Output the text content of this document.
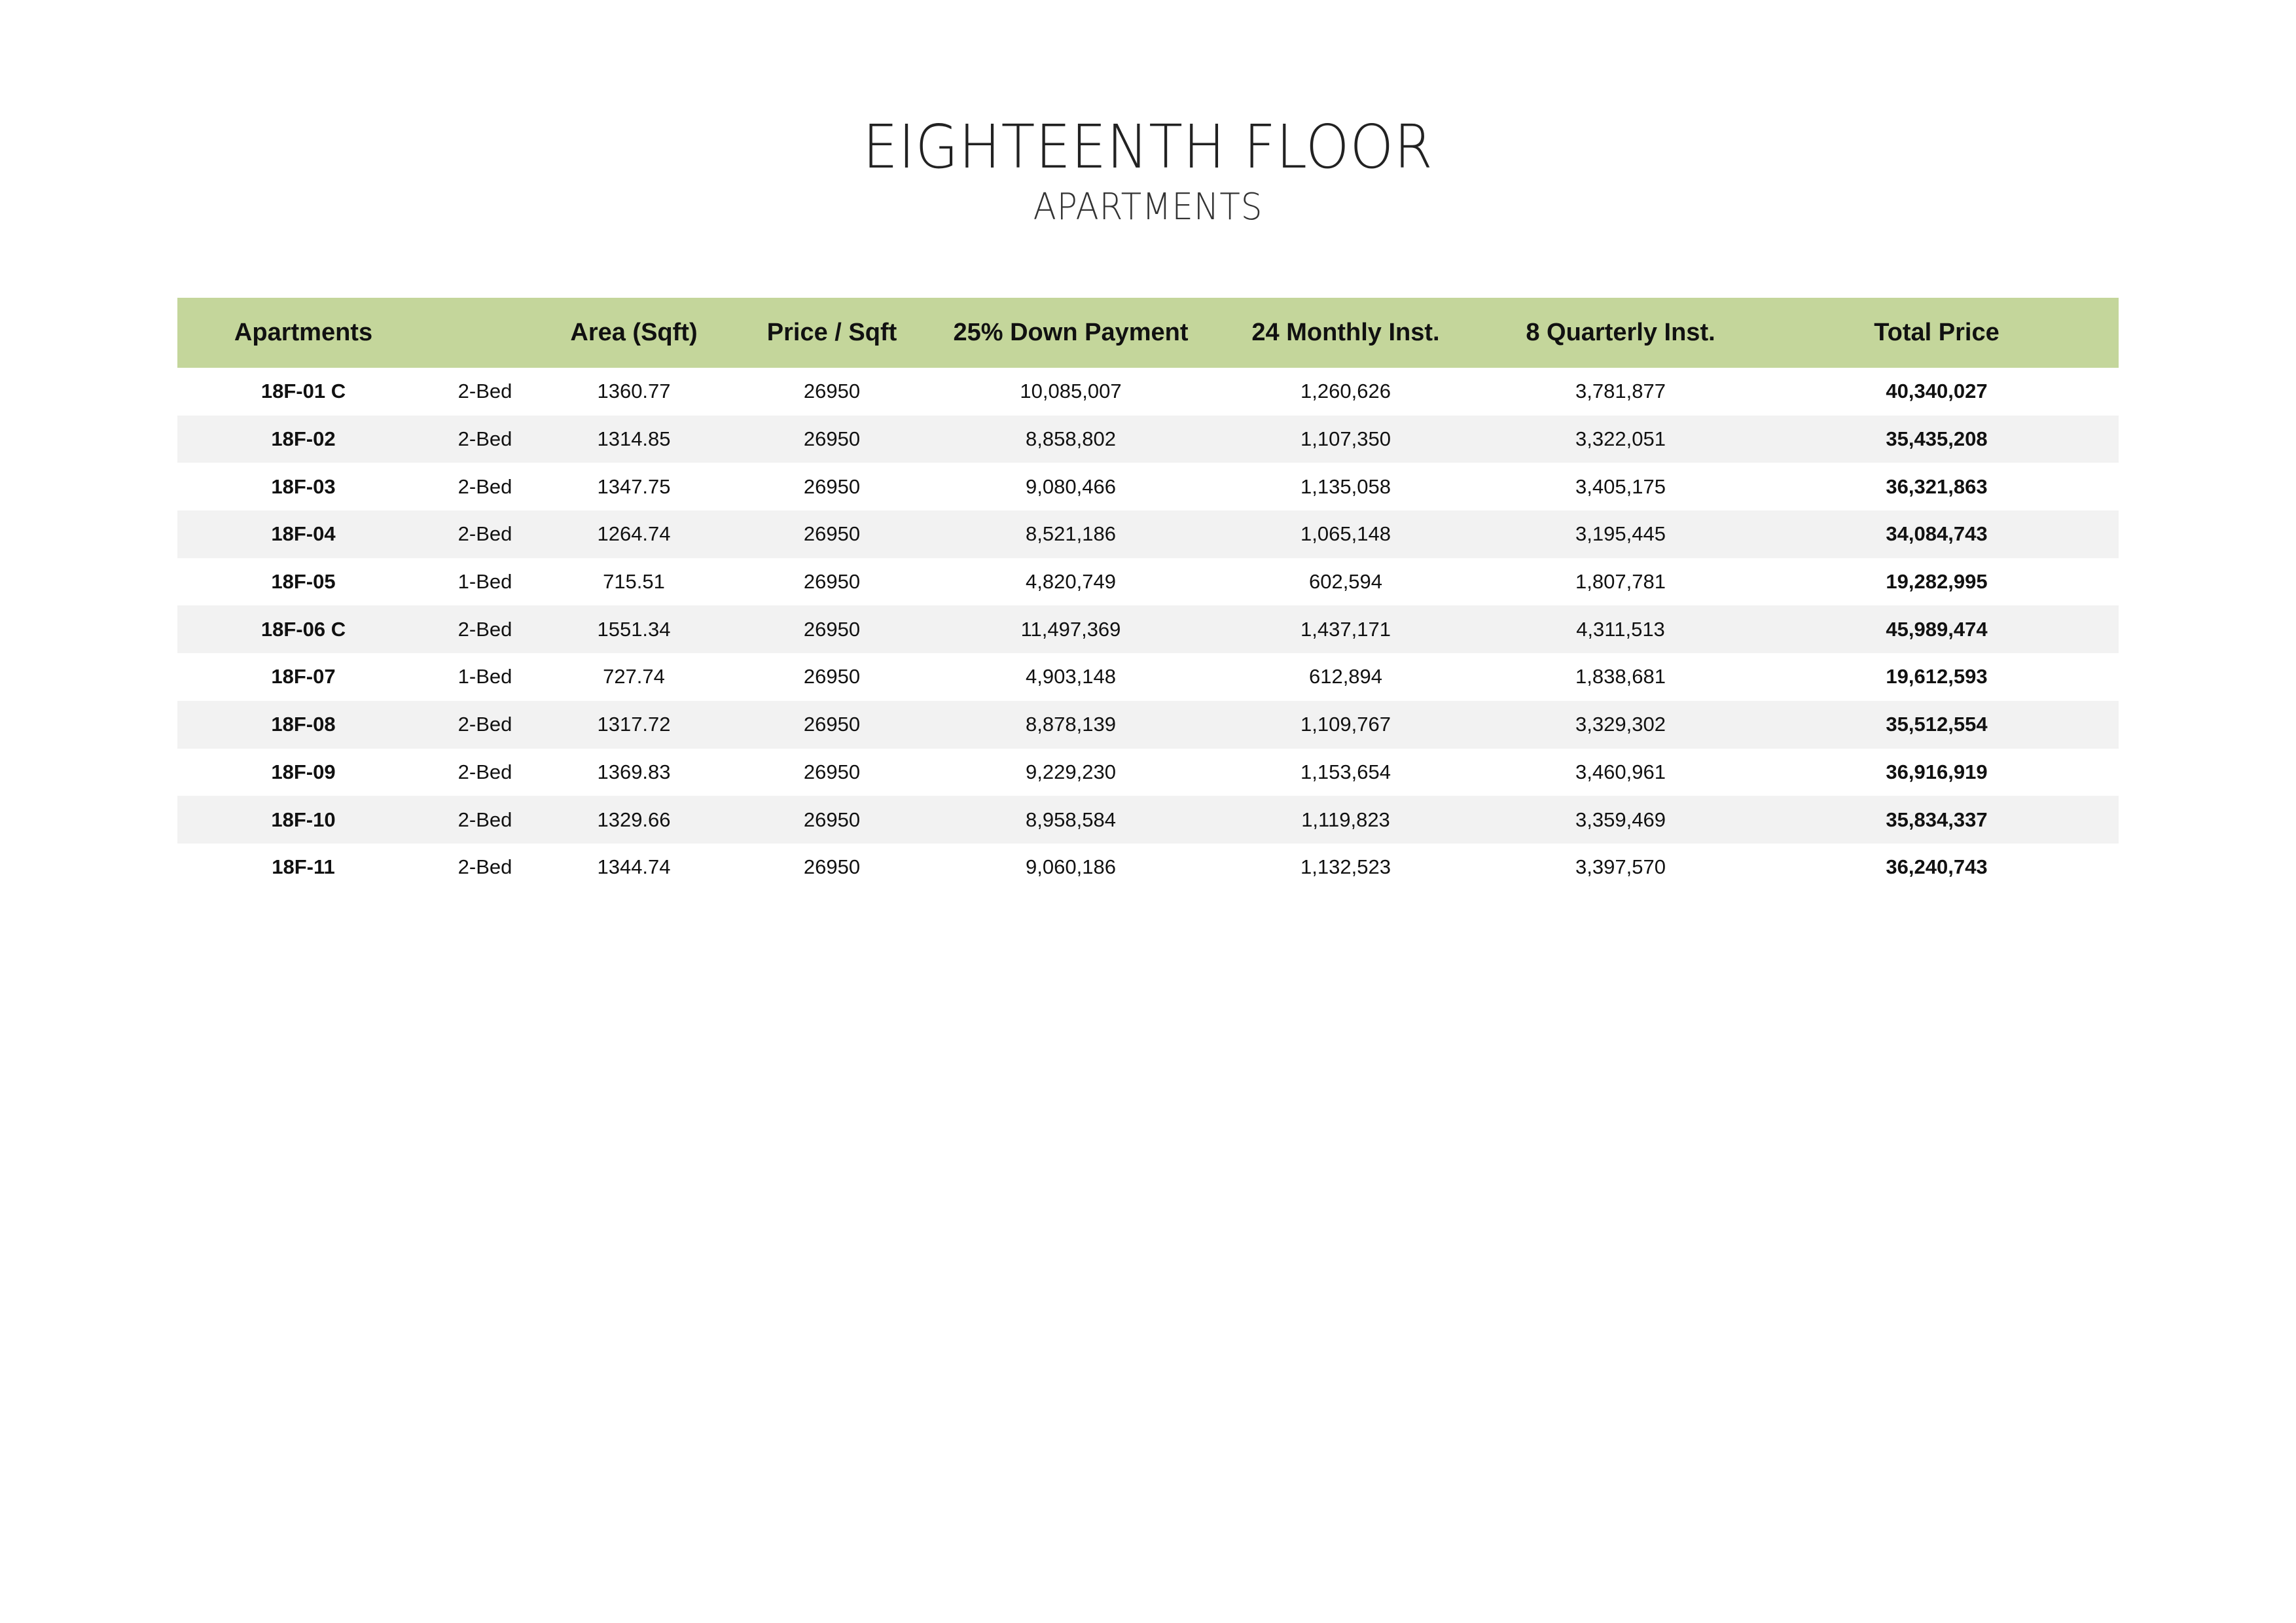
EIGHTEENTH FLOOR
APARTMENTS
Apartments		Area (Sqft)	Price / Sqft	25% Down Payment	24 Monthly Inst.	8 Quarterly Inst.	Total Price
18F-01 C	2-Bed	1360.77	26950	10,085,007	1,260,626	3,781,877	40,340,027
18F-02	2-Bed	1314.85	26950	8,858,802	1,107,350	3,322,051	35,435,208
18F-03	2-Bed	1347.75	26950	9,080,466	1,135,058	3,405,175	36,321,863
18F-04	2-Bed	1264.74	26950	8,521,186	1,065,148	3,195,445	34,084,743
18F-05	1-Bed	715.51	26950	4,820,749	602,594	1,807,781	19,282,995
18F-06 C	2-Bed	1551.34	26950	11,497,369	1,437,171	4,311,513	45,989,474
18F-07	1-Bed	727.74	26950	4,903,148	612,894	1,838,681	19,612,593
18F-08	2-Bed	1317.72	26950	8,878,139	1,109,767	3,329,302	35,512,554
18F-09	2-Bed	1369.83	26950	9,229,230	1,153,654	3,460,961	36,916,919
18F-10	2-Bed	1329.66	26950	8,958,584	1,119,823	3,359,469	35,834,337
18F-11	2-Bed	1344.74	26950	9,060,186	1,132,523	3,397,570	36,240,743
